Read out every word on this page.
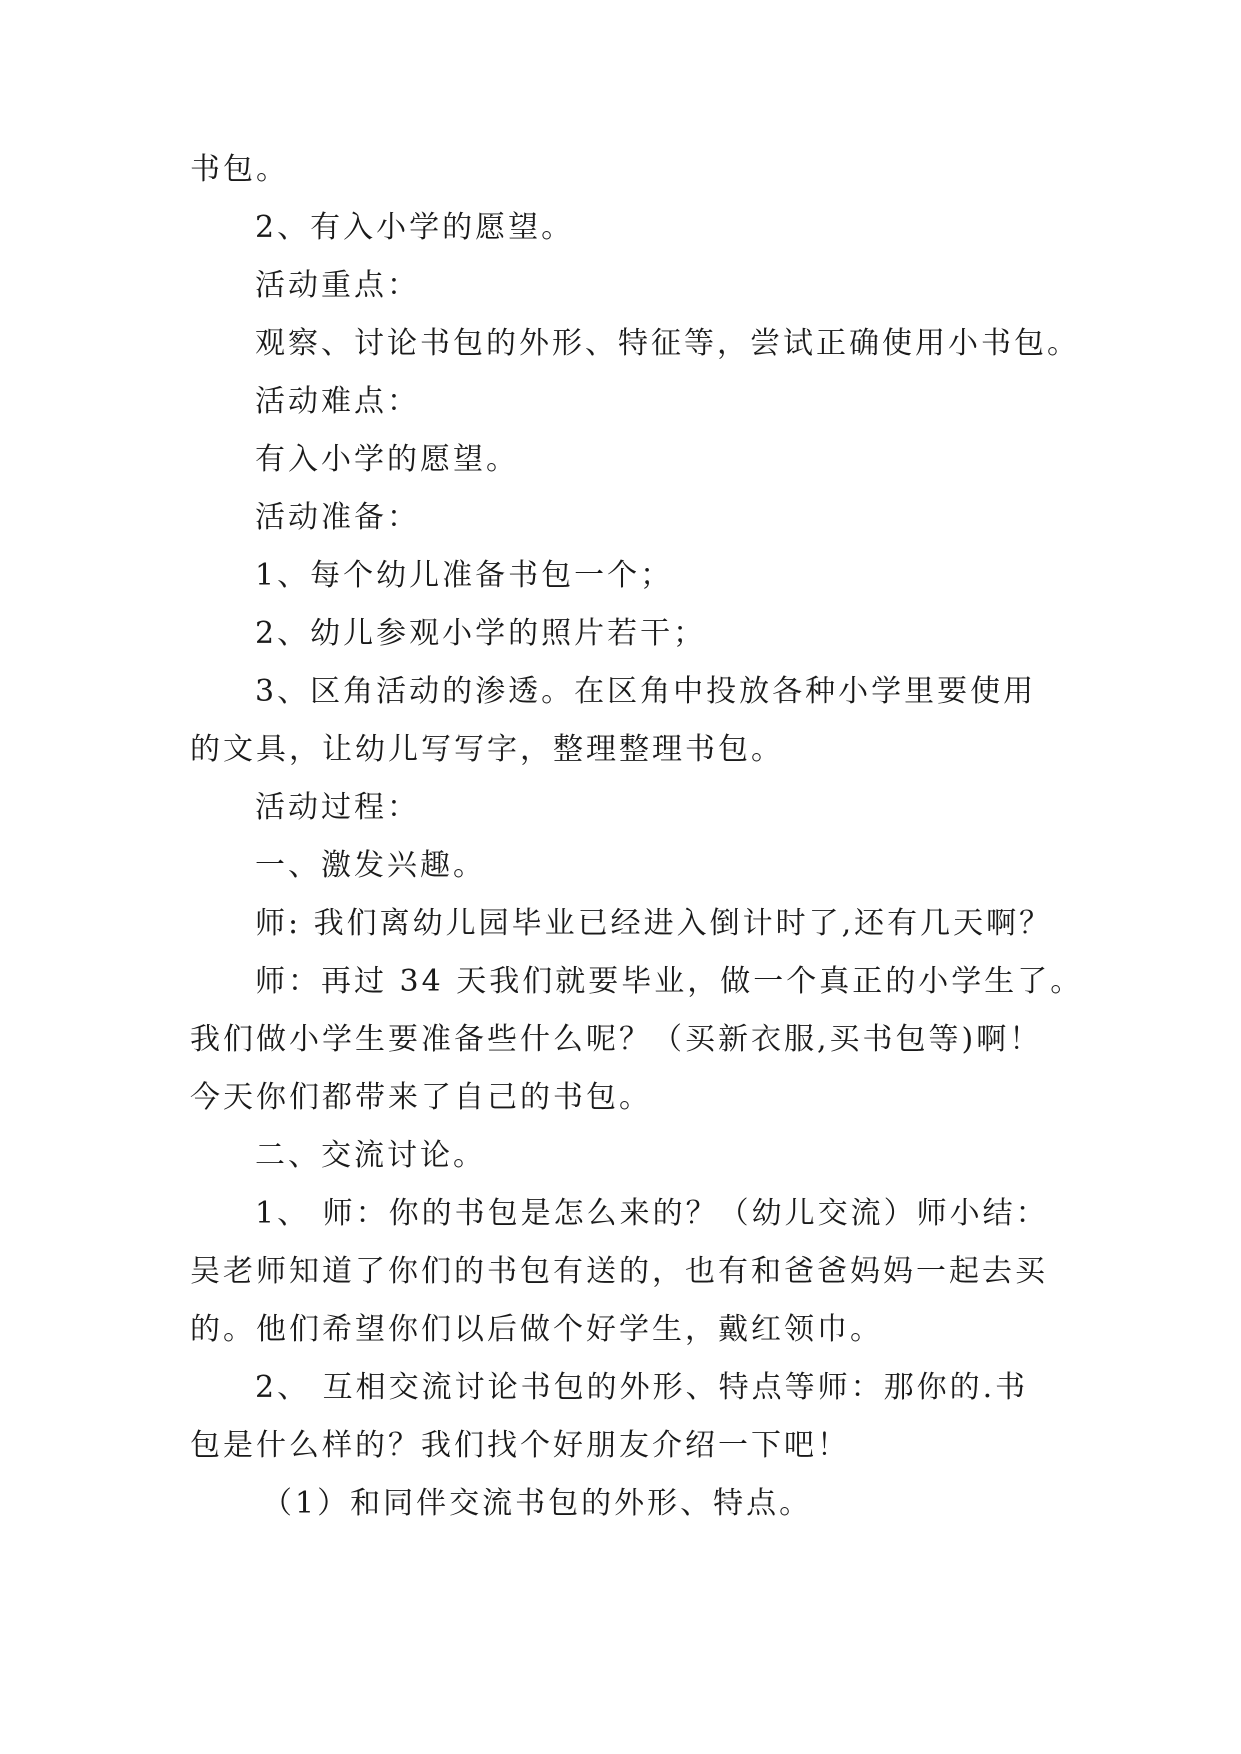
书包。
2、有入小学的愿望。
活动重点：
观察、讨论书包的外形、特征等，尝试正确使用小书包。
活动难点：
有入小学的愿望。
活动准备：
1、每个幼儿准备书包一个；
2、幼儿参观小学的照片若干；
3、区角活动的渗透。在区角中投放各种小学里要使用
的文具，让幼儿写写字，整理整理书包。
活动过程：
一、激发兴趣。
师: 我们离幼儿园毕业已经进入倒计时了,还有几天啊？
师：再过 34 天我们就要毕业，做一个真正的小学生了。
我们做小学生要准备些什么呢？（买新衣服,买书包等)啊！
今天你们都带来了自己的书包。
二、交流讨论。
1、 师：你的书包是怎么来的？（幼儿交流）师小结：
吴老师知道了你们的书包有送的，也有和爸爸妈妈一起去买
的。他们希望你们以后做个好学生，戴红领巾。
2、 互相交流讨论书包的外形、特点等师：那你的.书
包是什么样的？我们找个好朋友介绍一下吧！
（1）和同伴交流书包的外形、特点。
